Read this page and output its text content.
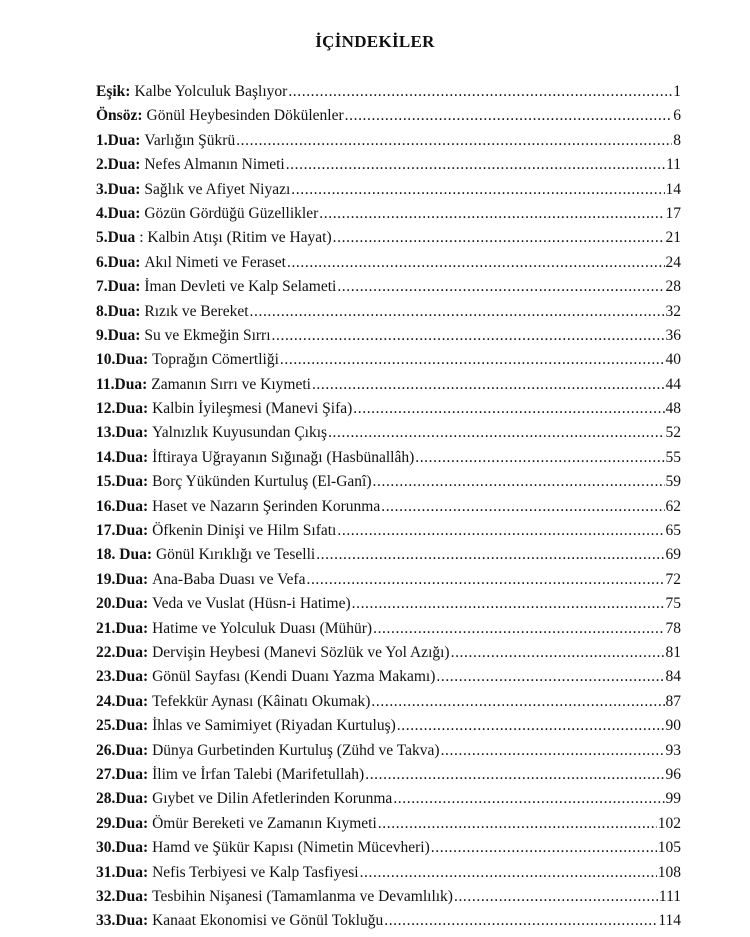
İÇİNDEKİLER
Eşik: Kalbe Yolculuk Başlıyor .....	1
Önsöz: Gönül Heybesinden Dökülenler .....	6
1.Dua: Varlığın Şükrü .....	8
2.Dua: Nefes Almanın Nimeti .....	11
3.Dua: Sağlık ve Afiyet Niyazı .....	14
4.Dua: Gözün Gördüğü Güzellikler .....	17
5.Dua : Kalbin Atışı (Ritim ve Hayat) .....	21
6.Dua: Akıl Nimeti ve Feraset .....	24
7.Dua: İman Devleti ve Kalp Selameti .....	28
8.Dua: Rızık ve Bereket .....	32
9.Dua: Su ve Ekmeğin Sırrı .....	36
10.Dua: Toprağın Cömertliği .....	40
11.Dua: Zamanın Sırrı ve Kıymeti .....	44
12.Dua: Kalbin İyileşmesi (Manevi Şifa) .....	48
13.Dua: Yalnızlık Kuyusundan Çıkış .....	52
14.Dua: İftiraya Uğrayanın Sığınağı (Hasbünallâh) .....	55
15.Dua: Borç Yükünden Kurtuluş (El-Ganî) .....	59
16.Dua: Haset ve Nazarın Şerinden Korunma .....	62
17.Dua: Öfkenin Dinişi ve Hilm Sıfatı .....	65
18. Dua: Gönül Kırıklığı ve Teselli .....	69
19.Dua: Ana-Baba Duası ve Vefa .....	72
20.Dua: Veda ve Vuslat (Hüsn-i Hatime) .....	75
21.Dua: Hatime ve Yolculuk Duası (Mühür) .....	78
22.Dua: Dervişin Heybesi (Manevi Sözlük ve Yol Azığı) .....	81
23.Dua: Gönül Sayfası (Kendi Duanı Yazma Makamı) .....	84
24.Dua: Tefekkür Aynası (Kâinatı Okumak) .....	87
25.Dua: İhlas ve Samimiyet (Riyadan Kurtuluş) .....	90
26.Dua: Dünya Gurbetinden Kurtuluş (Zühd ve Takva) .....	93
27.Dua: İlim ve İrfan Talebi (Marifetullah) .....	96
28.Dua: Gıybet ve Dilin Afetlerinden Korunma .....	99
29.Dua: Ömür Bereketi ve Zamanın Kıymeti .....	102
30.Dua: Hamd ve Şükür Kapısı (Nimetin Mücevheri) .....	105
31.Dua: Nefis Terbiyesi ve Kalp Tasfiyesi .....	108
32.Dua: Tesbihin Nişanesi (Tamamlanma ve Devamlılık) .....	111
33.Dua: Kanaat Ekonomisi ve Gönül Tokluğu .....	114
